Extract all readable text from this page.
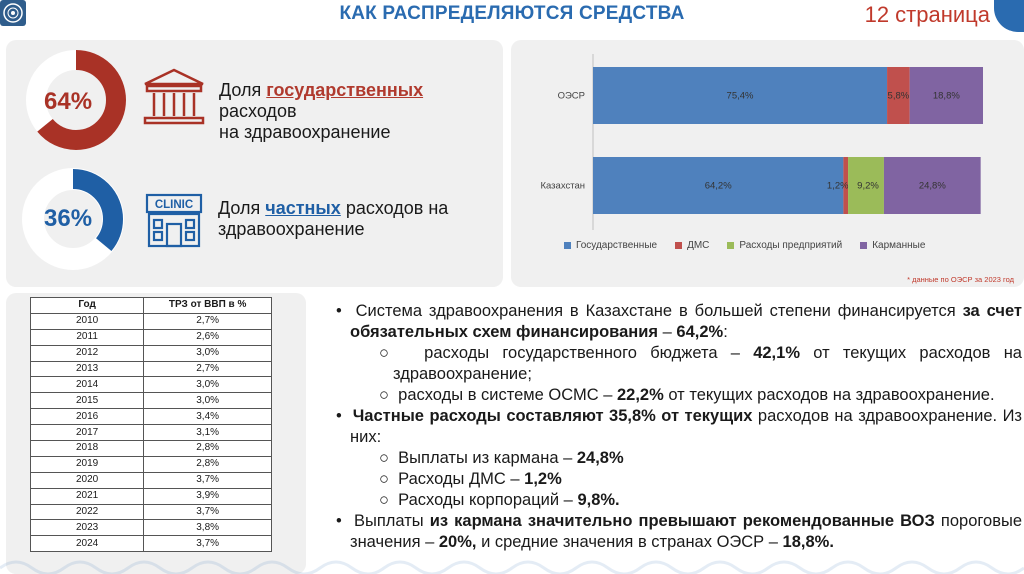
КАК РАСПРЕДЕЛЯЮТСЯ СРЕДСТВА	12 страница
64%	Доля государственных
расходов
на здравоохранение
36%	CLINIC Доля частных расходов на
здравоохранение
ОЭСР	75,4%	5,8% 18,8%
Казахстан	64,2%	1,2% 9,2%	24,8%
Государственные	ДМС	Расходы предприятий	Карманные
* данные по ОЭСР за 2023 год
Год	ТРЗ от ВВП в %
2010	2,7%
2011	2,6%
2012	3,0%
2013	2,7%
2014	3,0%
2015	3,0%
2016	3,4%
2017	3,1%
2018	2,8%
2019	2,8%
2020	3,7%
2021	3,9%
2022	3,7%
2023	3,8%
2024	3,7%
•  Система здравоохранения в Казахстане в большей степени финансируется за счет обязательных схем финансирования – 64,2%:
○  расходы государственного бюджета – 42,1% от текущих расходов на здравоохранение;
○  расходы в системе ОСМС – 22,2% от текущих расходов на здравоохранение.
•  Частные расходы составляют 35,8% от текущих расходов на здравоохранение. Из них:
○  Выплаты из кармана – 24,8%
○  Расходы ДМС – 1,2%
○  Расходы корпораций – 9,8%.
•  Выплаты из кармана значительно превышают рекомендованные ВОЗ пороговые значения – 20%, и средние значения в странах ОЭСР – 18,8%.
